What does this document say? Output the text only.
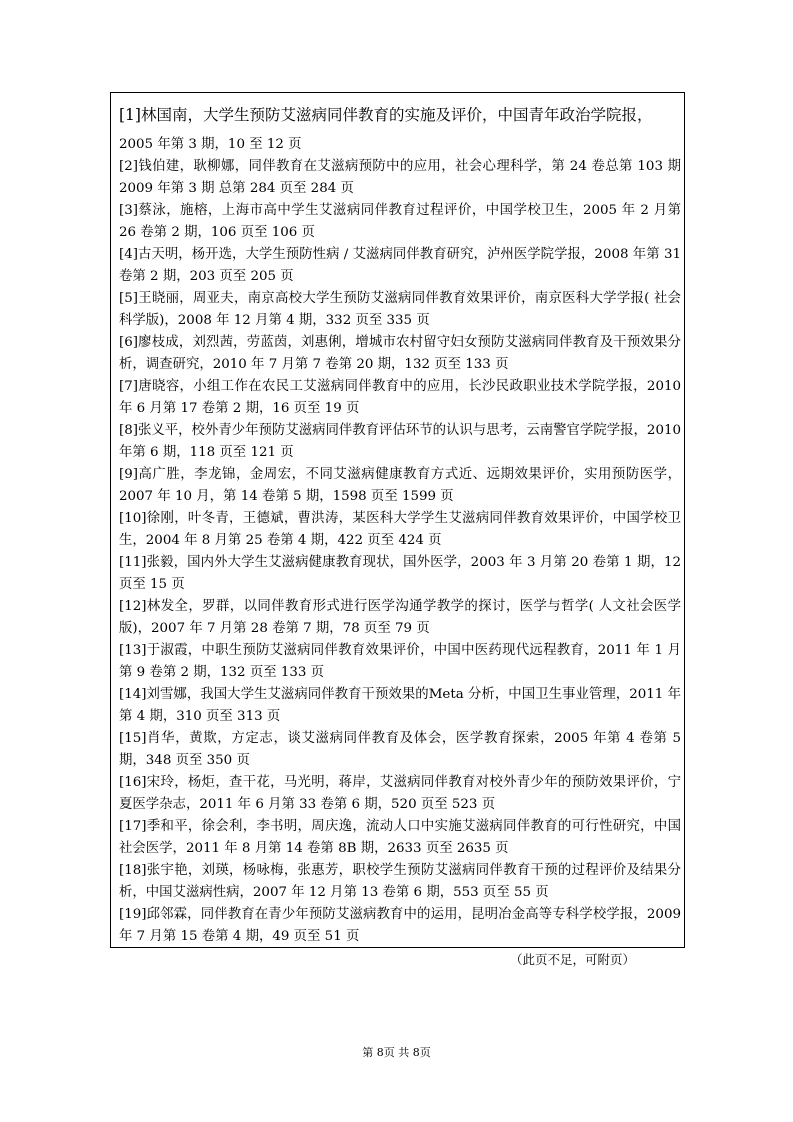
[1]林国南，大学生预防艾滋病同伴教育的实施及评价，中国青年政治学院报，
2005 年第 3 期，10 至 12 页

[2]钱伯建，耿柳娜，同伴教育在艾滋病预防中的应用，社会心理科学，第 24 卷总第 103 期 2009 年第 3 期 总第 284 页至 284 页

[3]蔡泳，施榕，上海市高中学生艾滋病同伴教育过程评价，中国学校卫生，2005 年 2 月第 26 卷第 2 期，106 页至 106 页

[4]古天明，杨开选，大学生预防性病 / 艾滋病同伴教育研究，泸州医学院学报，2008 年第 31 卷第 2 期，203 页至 205 页

[5]王晓丽，周亚夫，南京高校大学生预防艾滋病同伴教育效果评价，南京医科大学学报( 社会科学版)，2008 年 12 月第 4 期，332 页至 335 页

[6]廖枝成，刘烈茜，劳蓝茵，刘惠俐，增城市农村留守妇女预防艾滋病同伴教育及干预效果分析，调查研究，2010 年 7 月第 7 卷第 20 期，132 页至 133 页

[7]唐晓容，小组工作在农民工艾滋病同伴教育中的应用，长沙民政职业技术学院学报，2010 年 6 月第 17 卷第 2 期，16 页至 19 页

[8]张义平，校外青少年预防艾滋病同伴教育评估环节的认识与思考，云南警官学院学报，2010 年第 6 期，118 页至 121 页

[9]高广胜，李龙锦，金周宏，不同艾滋病健康教育方式近、远期效果评价，实用预防医学，2007 年 10 月，第 14 卷第 5 期，1598 页至 1599 页

[10]徐刚，叶冬青，王德斌，曹洪涛，某医科大学学生艾滋病同伴教育效果评价，中国学校卫生，2004 年 8 月第 25 卷第 4 期，422 页至 424 页

[11]张毅，国内外大学生艾滋病健康教育现状，国外医学，2003 年 3 月第 20 卷第 1 期，12 页至 15 页

[12]林发全，罗群，以同伴教育形式进行医学沟通学教学的探讨，医学与哲学( 人文社会医学版)，2007 年 7 月第 28 卷第 7 期，78 页至 79 页

[13]于淑霞，中职生预防艾滋病同伴教育效果评价，中国中医药现代远程教育，2011 年 1 月第 9 卷第 2 期，132 页至 133 页

[14]刘雪娜，我国大学生艾滋病同伴教育干预效果的Meta 分析，中国卫生事业管理，2011 年第 4 期，310 页至 313 页

[15]肖华，黄欺，方定志，谈艾滋病同伴教育及体会，医学教育探索，2005 年第 4 卷第 5 期，348 页至 350 页

[16]宋玲，杨炬，查干花，马光明，蒋岸，艾滋病同伴教育对校外青少年的预防效果评价，宁夏医学杂志，2011 年 6 月第 33 卷第 6 期，520 页至 523 页

[17]季和平，徐会利，李书明，周庆逸，流动人口中实施艾滋病同伴教育的可行性研究，中国社会医学，2011 年 8 月第 14 卷第 8B 期，2633 页至 2635 页

[18]张宇艳，刘瑛，杨咏梅，张惠芳，职校学生预防艾滋病同伴教育干预的过程评价及结果分析，中国艾滋病性病，2007 年 12 月第 13 卷第 6 期，553 页至 55 页

[19]邱邻霖，同伴教育在青少年预防艾滋病教育中的运用，昆明冶金高等专科学校学报，2009 年 7 月第 15 卷第 4 期，49 页至 51 页

（此页不足，可附页）
第 8页 共 8页
